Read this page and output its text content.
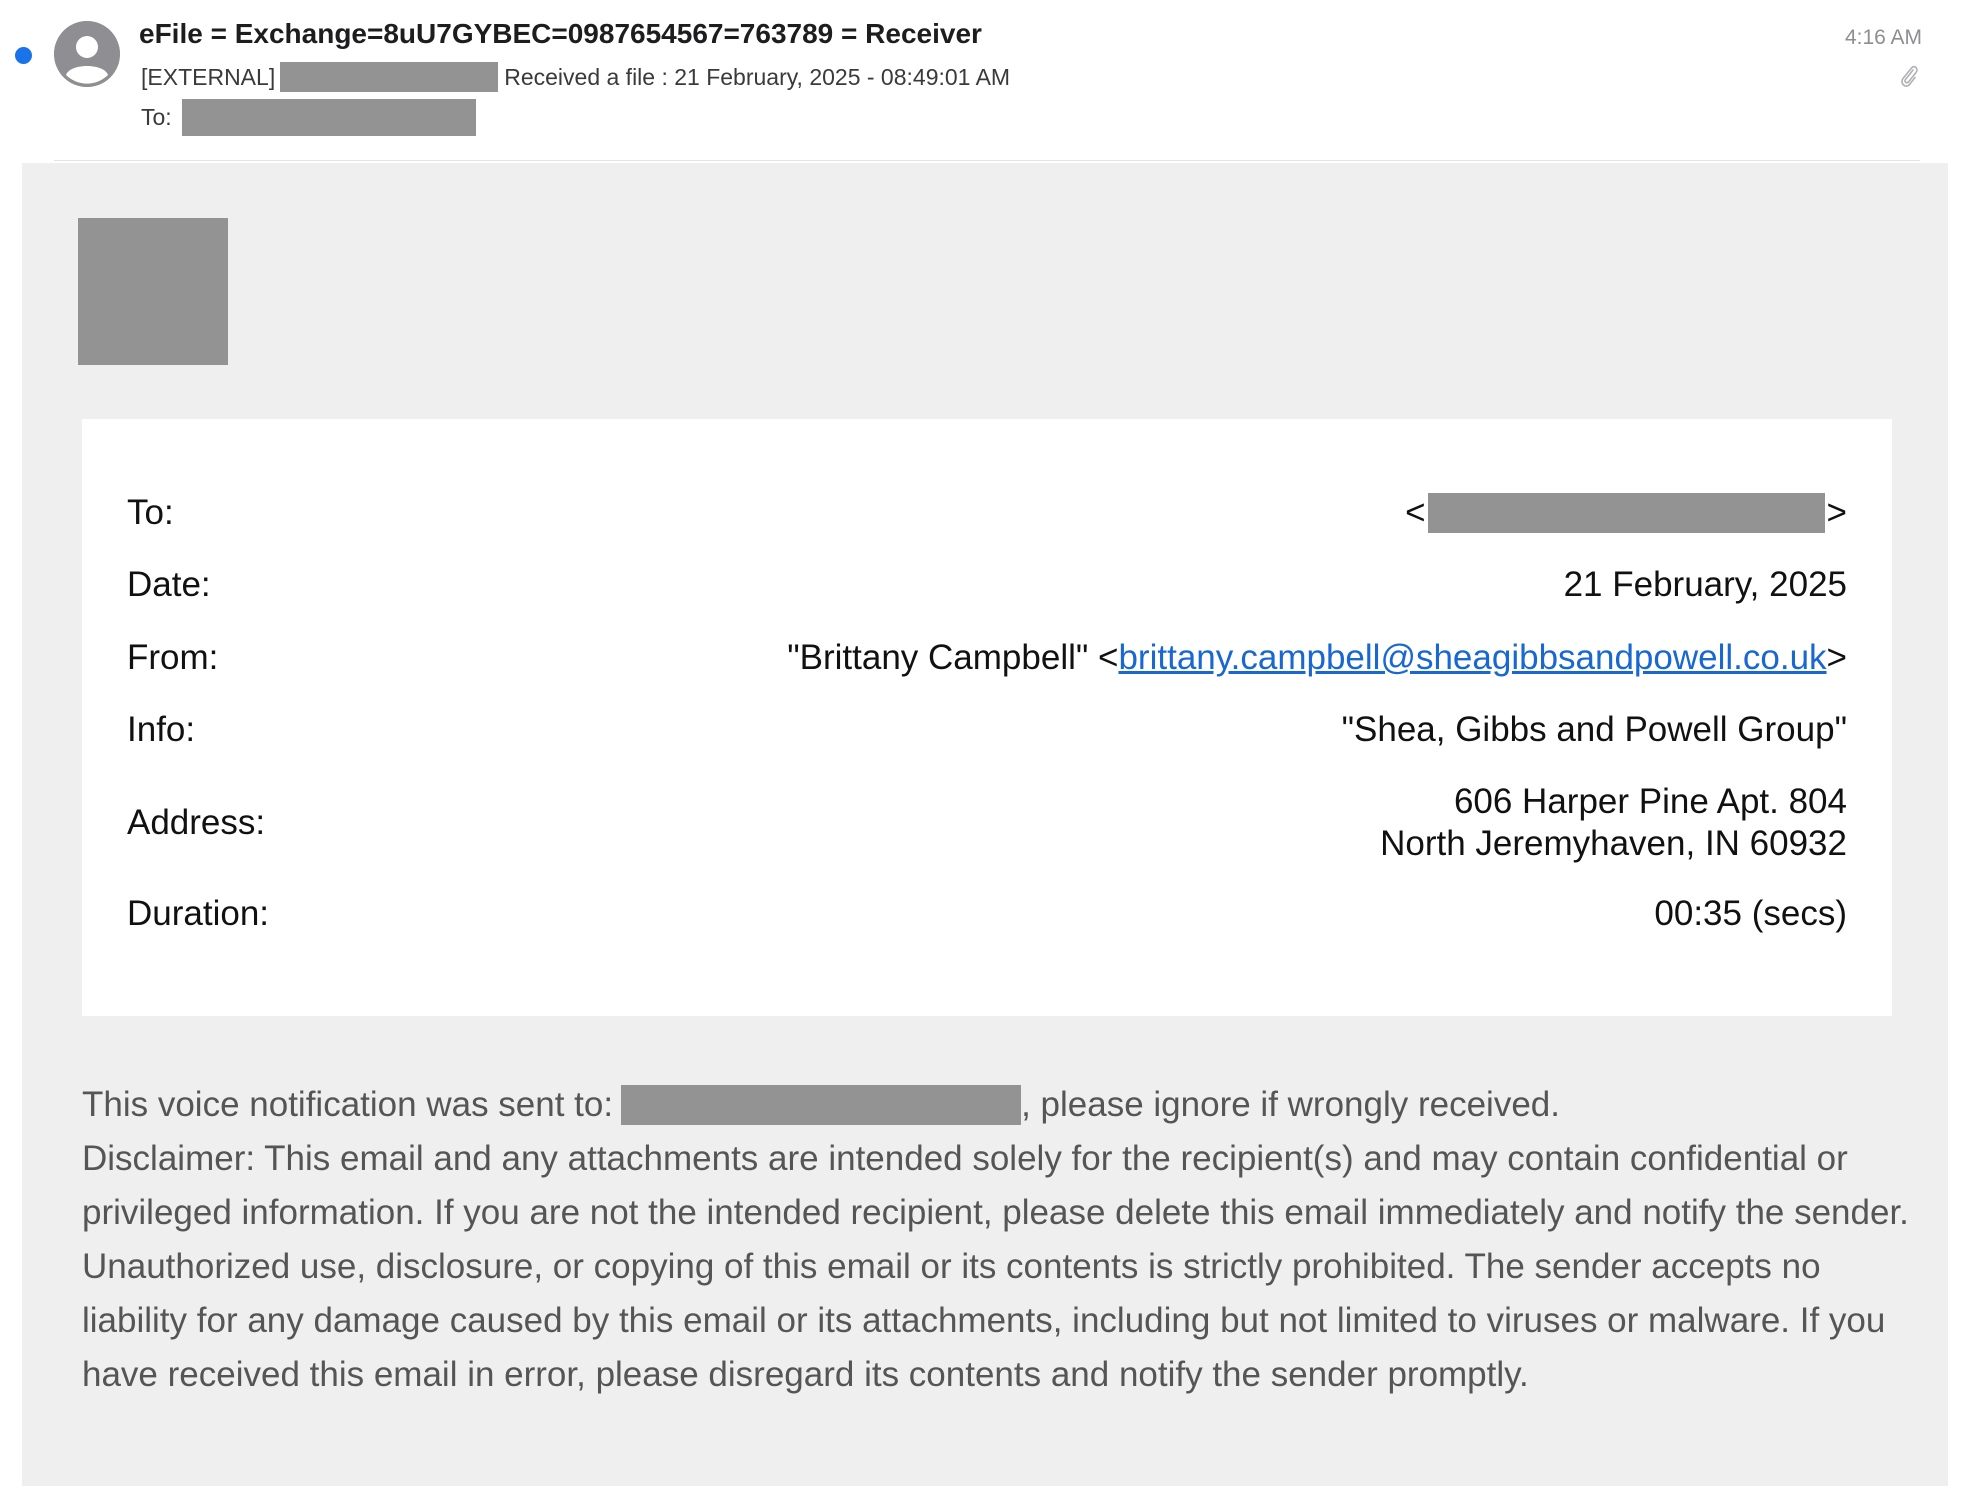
eFile = Exchange=8uU7GYBEC=0987654567=763789 = Receiver
[EXTERNAL]	Received a file : 21 February, 2025 - 08:49:01 AM
To:
4:16 AM
To:	<	>
Date:	21 February, 2025
From:	"Brittany Campbell" <brittany.campbell@sheagibbsandpowell.co.uk>
Info:	"Shea, Gibbs and Powell Group"
Address:
606 Harper Pine Apt. 804
North Jeremyhaven, IN 60932
Duration:	00:35 (secs)
This voice notification was sent to:	, please ignore if wrongly received.
Disclaimer: This email and any attachments are intended solely for the recipient(s) and may contain confidential or privileged information. If you are not the intended recipient, please delete this email immediately and notify the sender. Unauthorized use, disclosure, or copying of this email or its contents is strictly prohibited. The sender accepts no liability for any damage caused by this email or its attachments, including but not limited to viruses or malware. If you have received this email in error, please disregard its contents and notify the sender promptly.
